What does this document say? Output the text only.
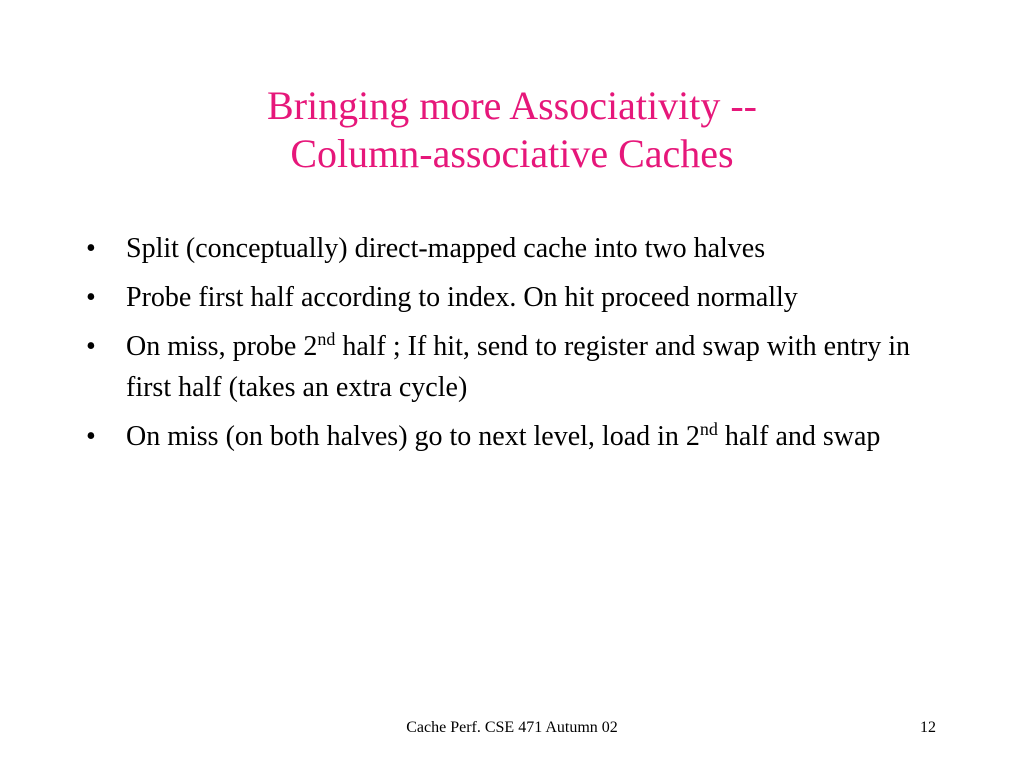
Bringing more Associativity --
Column-associative Caches
• Split (conceptually) direct-mapped cache into two halves
• Probe first half according to index. On hit proceed normally
• On miss, probe 2nd half ; If hit, send to register and swap with entry in first half (takes an extra cycle)
• On miss (on both halves) go to next level, load in 2nd half and swap
Cache Perf. CSE 471 Autumn 02	12
